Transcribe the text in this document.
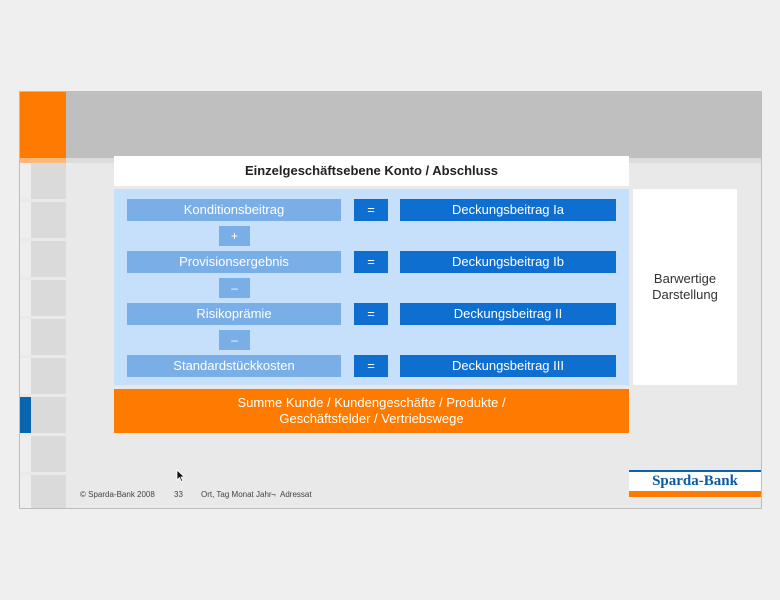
Einzelgeschäftsebene Konto / Abschluss
Konditionsbeitrag	=	Deckungsbeitrag Ia
+
Provisionsergebnis	=	Deckungsbeitrag Ib
–
Risikoprämie	=	Deckungsbeitrag II
–
Standardstückkosten	=	Deckungsbeitrag III
Barwertige
Darstellung
Summe Kunde / Kundengeschäfte / Produkte /
Geschäftsfelder / Vertriebswege
© Sparda-Bank 2008 33 Ort, Tag Monat Jahr ¬ Adressat
Sparda-Bank
